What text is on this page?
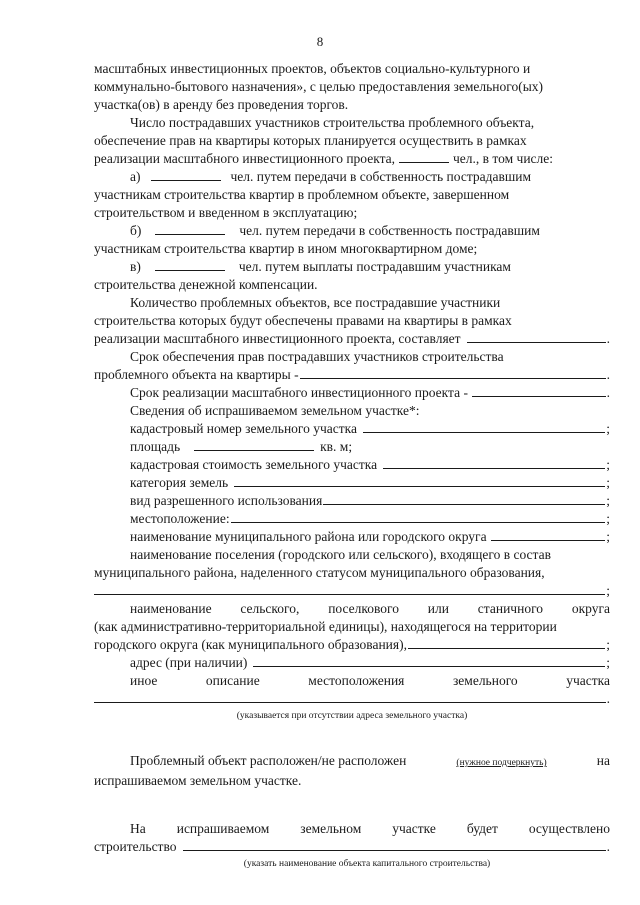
8
масштабных инвестиционных проектов, объектов социально-культурного и
коммунально-бытового назначения», с целью предоставления земельного(ых)
участка(ов) в аренду без проведения торгов.
Число пострадавших участников строительства проблемного объекта,
обеспечение прав на квартиры которых планируется осуществить в рамках
реализации масштабного инвестиционного проекта,	чел., в том числе:
а)	чел. путем передачи в собственность пострадавшим
участникам строительства квартир в проблемном объекте, завершенном
строительством и введенном в эксплуатацию;
б)	чел. путем передачи в собственность пострадавшим
участникам строительства квартир в ином многоквартирном доме;
в)	чел. путем выплаты пострадавшим участникам
строительства денежной компенсации.
Количество проблемных объектов, все пострадавшие участники
строительства которых будут обеспечены правами на квартиры в рамках
реализации масштабного инвестиционного проекта, составляет	.
Срок обеспечения прав пострадавших участников строительства
проблемного объекта на квартиры -	.
Срок реализации масштабного инвестиционного проекта -	.
Сведения об испрашиваемом земельном участке*:
кадастровый номер земельного участка	;
площадь	кв. м;
кадастровая стоимость земельного участка	;
категория земель	;
вид разрешенного использования	;
местоположение:	;
наименование муниципального района или городского округа	;
наименование поселения (городского или сельского), входящего в состав
муниципального района, наделенного статусом муниципального образования,
;
наименование сельского, поселкового или станичного округа
(как административно-территориальной единицы), находящегося на территории
городского округа (как муниципального образования),	;
адрес (при наличии)	;
иное описание местоположения земельного участка
.
(указывается при отсутствии адреса земельного участка)
Проблемный объект расположен/не расположен	(нужное подчеркнуть)	на
испрашиваемом земельном участке.
На испрашиваемом земельном участке будет осуществлено
строительство	.
(указать наименование объекта капитального строительства)
